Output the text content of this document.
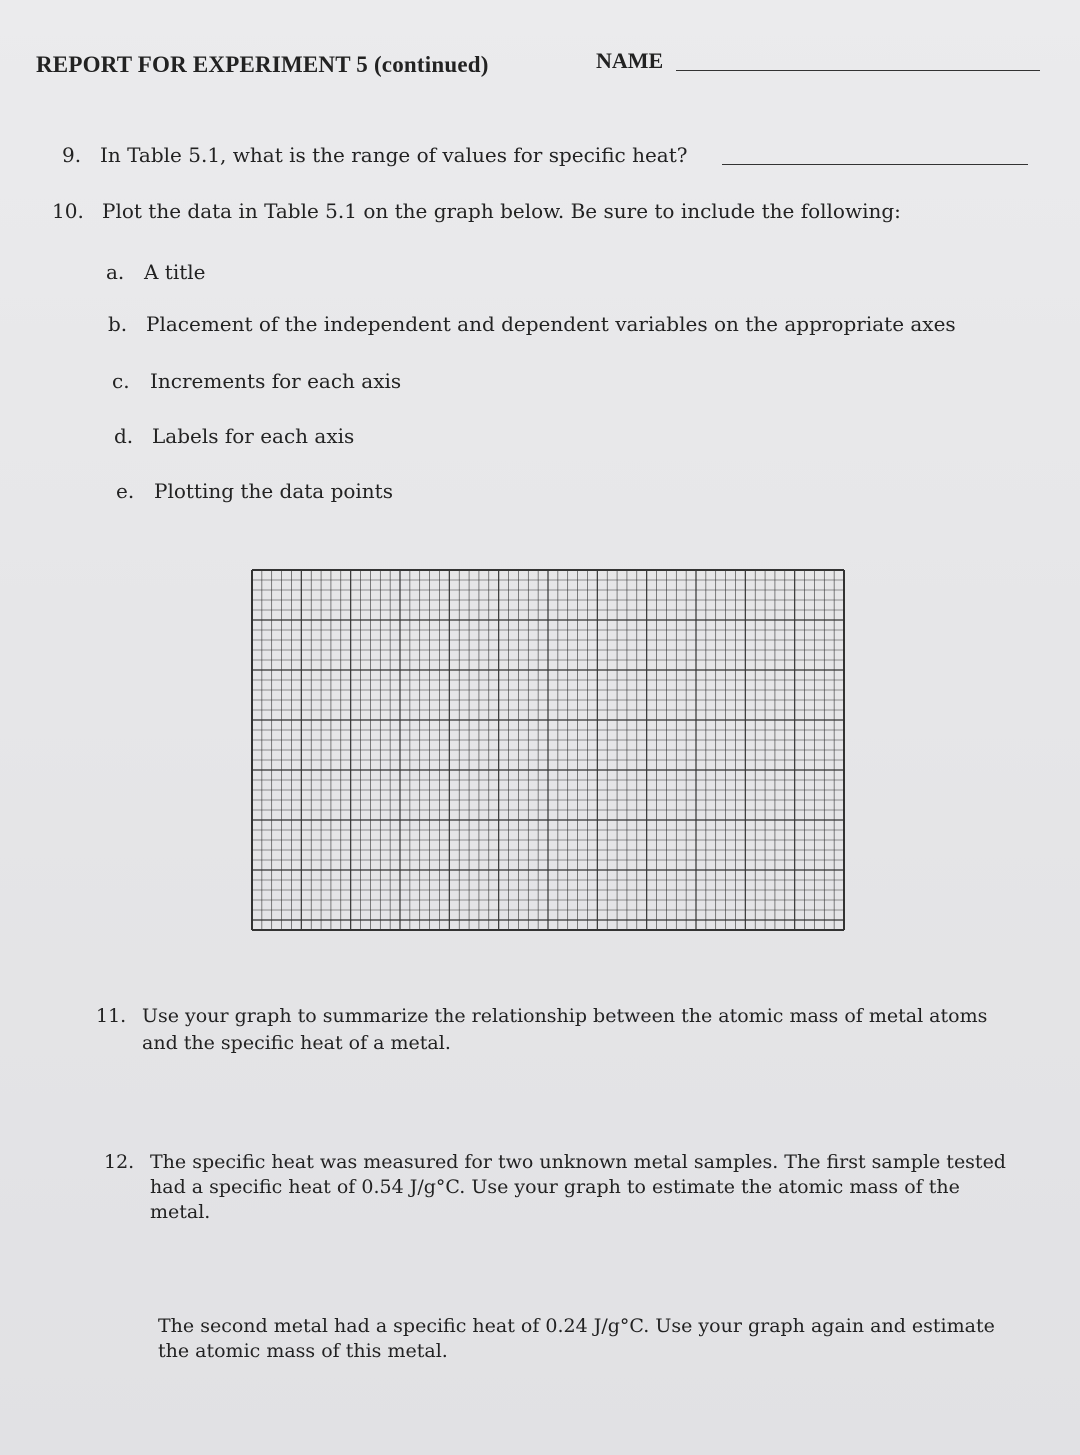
REPORT FOR EXPERIMENT 5 (continued)	NAME
9. In Table 5.1, what is the range of values for specific heat?
10. Plot the data in Table 5.1 on the graph below. Be sure to include the following:
a. A title
b. Placement of the independent and dependent variables on the appropriate axes
c. Increments for each axis
d. Labels for each axis
e. Plotting the data points
11. Use your graph to summarize the relationship between the atomic mass of metal atoms
and the specific heat of a metal.
12. The specific heat was measured for two unknown metal samples. The first sample tested
had a specific heat of 0.54 J/g°C. Use your graph to estimate the atomic mass of the
metal.
The second metal had a specific heat of 0.24 J/g°C. Use your graph again and estimate
the atomic mass of this metal.
